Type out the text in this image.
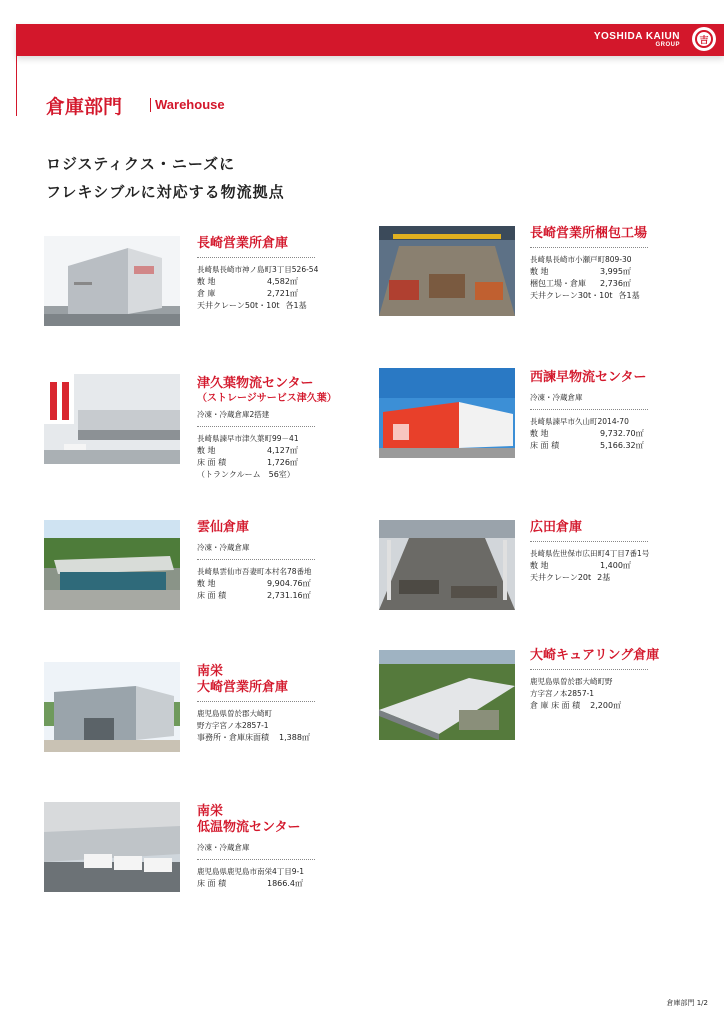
YOSHIDA KAIUN
GROUP	吉
倉庫部門	Warehouse
ロジスティクス・ニーズに
フレキシブルに対応する物流拠点
長崎営業所倉庫
長崎県長崎市神ノ島町3丁目526-54
敷 地	4,582㎡
倉 庫	2,721㎡
天井クレーン50t・10t 各1基
長崎営業所梱包工場
長崎県長崎市小瀬戸町809-30
敷 地	3,995㎡
梱包工場・倉庫	2,736㎡
天井クレーン30t・10t 各1基
津久葉物流センター
（ストレージサービス津久葉）
冷凍・冷蔵倉庫2搭建
長崎県諫早市津久葉町99－41
敷 地	4,127㎡
床 面 積	1,726㎡
（トランクルーム　56室）
西諫早物流センター
冷凍・冷蔵倉庫
長崎県諫早市久山町2014-70
敷 地	9,732.70㎡
床 面 積	5,166.32㎡
雲仙倉庫
冷凍・冷蔵倉庫
長崎県雲仙市吾妻町本村名78番地
敷 地	9,904.76㎡
床 面 積	2,731.16㎡
広田倉庫
長崎県佐世保市広田町4丁目7番1号
敷 地	1,400㎡
天井クレーン20t 2基
南栄
大崎営業所倉庫
鹿児島県曽於郡大崎町
野方字宮ノ本2857-1
事務所・倉庫床面積 1,388㎡
大崎キュアリング倉庫
鹿児島県曽於郡大崎町野
方字宮ノ本2857-1
倉 庫 床 面 積 2,200㎡
南栄
低温物流センター
冷凍・冷蔵倉庫
鹿児島県鹿児島市南栄4丁目9-1
床 面 積	1866.4㎡
倉庫部門 1/2
